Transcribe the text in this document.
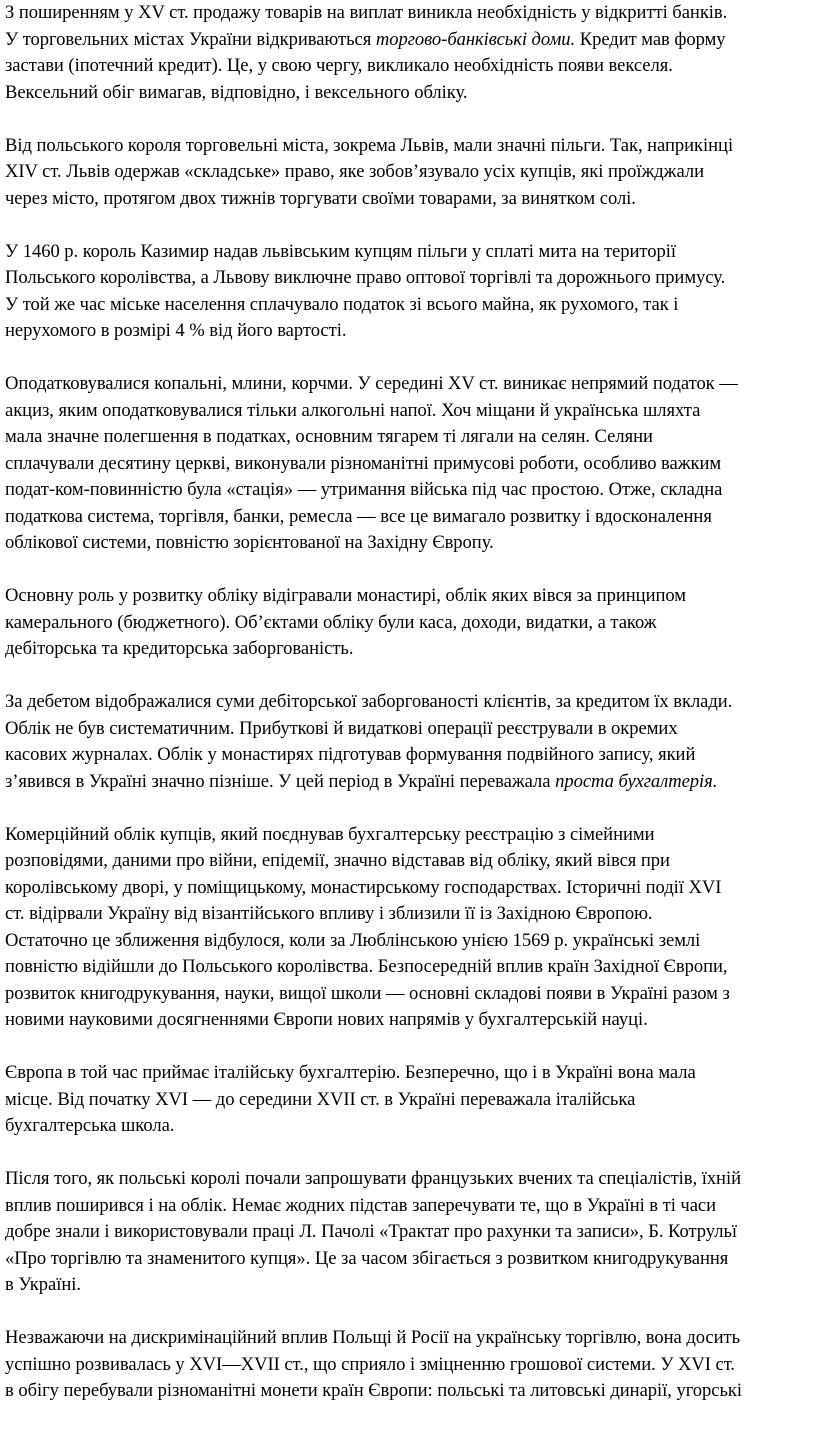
З поширенням у XV ст. продажу товарів на виплат виникла необхідність у відкритті банків.
У торговельних містах України відкриваються торгово-банківські доми. Кредит мав форму
застави (іпотечний кредит). Це, у свою чергу, викликало необхідність появи векселя.
Вексельний обіг вимагав, відповідно, і вексельного обліку.

Від польського короля торговельні міста, зокрема Львів, мали значні пільги. Так, наприкінці
XIV ст. Львів одержав «складське» право, яке зобов’язувало усіх купців, які проїжджали
через місто, протягом двох тижнів торгувати своїми товарами, за винятком солі.

У 1460 р. король Казимир надав львівським купцям пільги у сплаті мита на території
Польського королівства, а Львову виключне право оптової торгівлі та дорожнього примусу.
У той же час міське населення сплачувало податок зі всього майна, як рухомого, так і
нерухомого в розмірі 4 % від його вартості.

Оподатковувалися копальні, млини, корчми. У середині XV ст. виникає непрямий податок —
акциз, яким оподатковувалися тільки алкогольні напої. Хоч міщани й українська шляхта
мала значне полегшення в податках, основним тягарем ті лягали на селян. Селяни
сплачували десятину церкві, виконували різноманітні примусові роботи, особливо важким
подат-ком-повинністю була «стація» — утримання війська під час простою. Отже, складна
податкова система, торгівля, банки, ремесла — все це вимагало розвитку і вдосконалення
облікової системи, повністю зорієнтованої на Західну Європу.

Основну роль у розвитку обліку відігравали монастирі, облік яких вівся за принципом
камерального (бюджетного). Об’єктами обліку були каса, доходи, видатки, а також
дебіторська та кредиторська заборгованість.

За дебетом відображалися суми дебіторської заборгованості клієнтів, за кредитом їх вклади.
Облік не був систематичним. Прибуткові й видаткові операції реєстрували в окремих
касових журналах. Облік у монастирях підготував формування подвійного запису, який
з’явився в Україні значно пізніше. У цей період в Україні переважала проста бухгалтерія.

Комерційний облік купців, який поєднував бухгалтерську реєстрацію з сімейними
розповідями, даними про війни, епідемії, значно відставав від обліку, який вівся при
королівському дворі, у поміщицькому, монастирському господарствах. Історичні події XVI
ст. відірвали Україну від візантійського впливу і зблизили її із Західною Європою.
Остаточно це зближення відбулося, коли за Люблінською унією 1569 р. українські землі
повністю відійшли до Польського королівства. Безпосередній вплив країн Західної Європи,
розвиток книгодрукування, науки, вищої школи — основні складові появи в Україні разом з
новими науковими досягненнями Європи нових напрямів у бухгалтерській науці.

Європа в той час приймає італійську бухгалтерію. Безперечно, що і в Україні вона мала
місце. Від початку XVI — до середини XVII ст. в Україні переважала італійська
бухгалтерська школа.

Після того, як польські королі почали запрошувати французьких вчених та спеціалістів, їхній
вплив поширився і на облік. Немає жодних підстав заперечувати те, що в Україні в ті часи
добре знали і використовували праці Л. Пачолі «Трактат про рахунки та записи», Б. Котрульї
«Про торгівлю та знаменитого купця». Це за часом збігається з розвитком книгодрукування
в Україні.

Незважаючи на дискримінаційний вплив Польщі й Росії на українську торгівлю, вона досить
успішно розвивалась у XVI—XVII ст., що сприяло і зміцненню грошової системи. У XVI ст.
в обігу перебували різноманітні монети країн Європи: польські та литовські динарії, угорські
